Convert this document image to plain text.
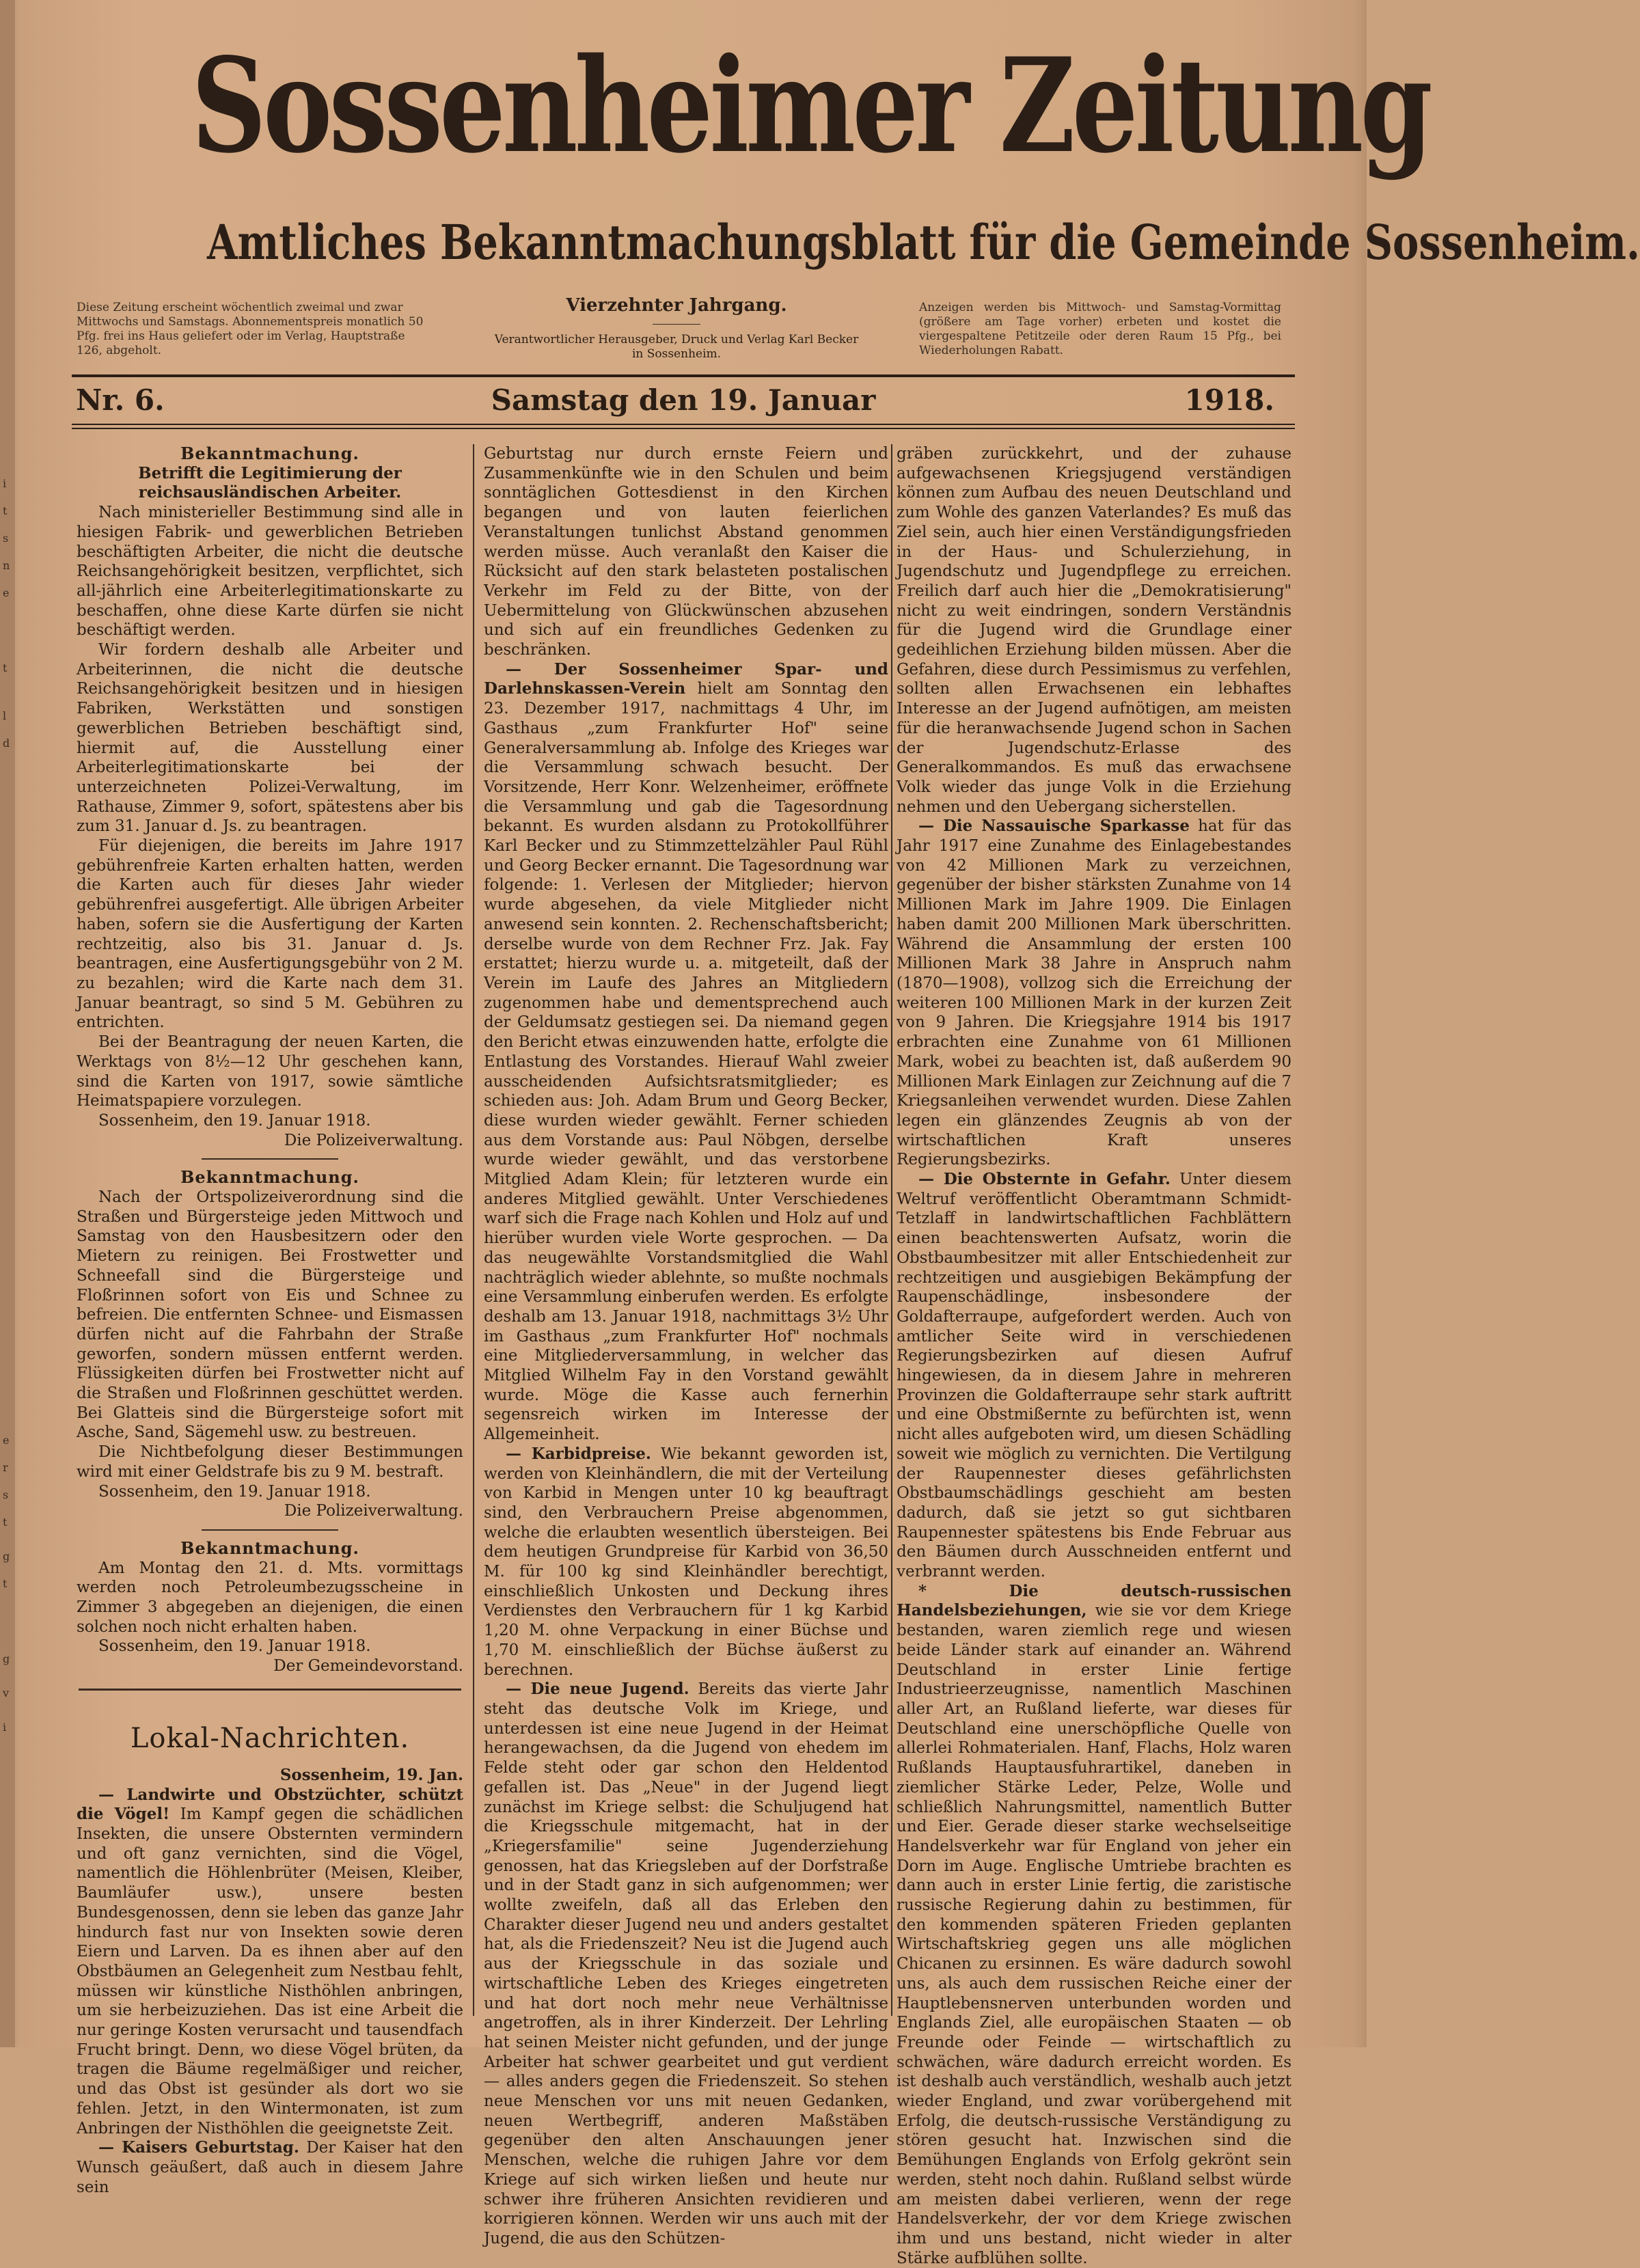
i
t
s
n
e
t
l
d
e
r
s
t
g
t
g
v
i
Sossenheimer Zeitung
Amtliches Bekanntmachungsblatt für die Gemeinde Sossenheim.
Diese Zeitung erscheint wöchentlich zweimal und zwar Mittwochs und Samstags. Abonnementspreis monatlich 50 Pfg. frei ins Haus geliefert oder im Verlag, Hauptstraße 126, abgeholt.
Vierzehnter Jahrgang.
Verantwortlicher Herausgeber, Druck und Verlag Karl Becker in Sossenheim.
Anzeigen werden bis Mittwoch- und Samstag-Vormittag (größere am Tage vorher) erbeten und kostet die viergespaltene Petitzeile oder deren Raum 15 Pfg., bei Wiederholungen Rabatt.
Nr. 6.	Samstag den 19. Januar	1918.

Bekanntmachung.

Betrifft die Legitimierung der reichsausländischen Arbeiter.

Nach ministerieller Bestimmung sind alle in hiesigen Fabrik- und gewerblichen Betrieben beschäftigten Arbeiter, die nicht die deutsche Reichsangehörigkeit besitzen, verpflichtet, sich all-jährlich eine Arbeiterlegitimationskarte zu beschaffen, ohne diese Karte dürfen sie nicht beschäftigt werden.

Wir fordern deshalb alle Arbeiter und Arbeiterinnen, die nicht die deutsche Reichsangehörigkeit besitzen und in hiesigen Fabriken, Werkstätten und sonstigen gewerblichen Betrieben beschäftigt sind, hiermit auf, die Ausstellung einer Arbeiterlegitimationskarte bei der unterzeichneten Polizei-Verwaltung, im Rathause, Zimmer 9, sofort, spätestens aber bis zum 31. Januar d. Js. zu beantragen.

Für diejenigen, die bereits im Jahre 1917 gebührenfreie Karten erhalten hatten, werden die Karten auch für dieses Jahr wieder gebührenfrei ausgefertigt. Alle übrigen Arbeiter haben, sofern sie die Ausfertigung der Karten rechtzeitig, also bis 31. Januar d. Js. beantragen, eine Ausfertigungsgebühr von 2 M. zu bezahlen; wird die Karte nach dem 31. Januar beantragt, so sind 5 M. Gebühren zu entrichten.

Bei der Beantragung der neuen Karten, die Werktags von 8½—12 Uhr geschehen kann, sind die Karten von 1917, sowie sämtliche Heimatspapiere vorzulegen.

Sossenheim, den 19. Januar 1918.

Die Polizeiverwaltung.

Bekanntmachung.

Nach der Ortspolizeiverordnung sind die Straßen und Bürgersteige jeden Mittwoch und Samstag von den Hausbesitzern oder den Mietern zu reinigen. Bei Frostwetter und Schneefall sind die Bürgersteige und Floßrinnen sofort von Eis und Schnee zu befreien. Die entfernten Schnee- und Eismassen dürfen nicht auf die Fahrbahn der Straße geworfen, sondern müssen entfernt werden. Flüssigkeiten dürfen bei Frostwetter nicht auf die Straßen und Floßrinnen geschüttet werden. Bei Glatteis sind die Bürgersteige sofort mit Asche, Sand, Sägemehl usw. zu bestreuen.

Die Nichtbefolgung dieser Bestimmungen wird mit einer Geldstrafe bis zu 9 M. bestraft.

Sossenheim, den 19. Januar 1918.

Die Polizeiverwaltung.

Bekanntmachung.

Am Montag den 21. d. Mts. vormittags werden noch Petroleumbezugsscheine in Zimmer 3 abgegeben an diejenigen, die einen solchen noch nicht erhalten haben.

Sossenheim, den 19. Januar 1918.

Der Gemeindevorstand.

Lokal-Nachrichten.

Sossenheim, 19. Jan.

— Landwirte und Obstzüchter, schützt die Vögel! Im Kampf gegen die schädlichen Insekten, die unsere Obsternten vermindern und oft ganz vernichten, sind die Vögel, namentlich die Höhlenbrüter (Meisen, Kleiber, Baumläufer usw.), unsere besten Bundesgenossen, denn sie leben das ganze Jahr hindurch fast nur von Insekten sowie deren Eiern und Larven. Da es ihnen aber auf den Obstbäumen an Gelegenheit zum Nestbau fehlt, müssen wir künstliche Nisthöhlen anbringen, um sie herbeizuziehen. Das ist eine Arbeit die nur geringe Kosten verursacht und tausendfach Frucht bringt. Denn, wo diese Vögel brüten, da tragen die Bäume regelmäßiger und reicher, und das Obst ist gesünder als dort wo sie fehlen. Jetzt, in den Wintermonaten, ist zum Anbringen der Nisthöhlen die geeignetste Zeit.

— Kaisers Geburtstag. Der Kaiser hat den Wunsch geäußert, daß auch in diesem Jahre sein

Geburtstag nur durch ernste Feiern und Zusammenkünfte wie in den Schulen und beim sonntäglichen Gottesdienst in den Kirchen begangen und von lauten feierlichen Veranstaltungen tunlichst Abstand genommen werden müsse. Auch veranlaßt den Kaiser die Rücksicht auf den stark belasteten postalischen Verkehr im Feld zu der Bitte, von der Uebermittelung von Glückwünschen abzusehen und sich auf ein freundliches Gedenken zu beschränken.

— Der Sossenheimer Spar- und Darlehnskassen-Verein hielt am Sonntag den 23. Dezember 1917, nachmittags 4 Uhr, im Gasthaus „zum Frankfurter Hof" seine Generalversammlung ab. Infolge des Krieges war die Versammlung schwach besucht. Der Vorsitzende, Herr Konr. Welzenheimer, eröffnete die Versammlung und gab die Tagesordnung bekannt. Es wurden alsdann zu Protokollführer Karl Becker und zu Stimmzettelzähler Paul Rühl und Georg Becker ernannt. Die Tagesordnung war folgende: 1. Verlesen der Mitglieder; hiervon wurde abgesehen, da viele Mitglieder nicht anwesend sein konnten. 2. Rechenschaftsbericht; derselbe wurde von dem Rechner Frz. Jak. Fay erstattet; hierzu wurde u. a. mitgeteilt, daß der Verein im Laufe des Jahres an Mitgliedern zugenommen habe und dementsprechend auch der Geldumsatz gestiegen sei. Da niemand gegen den Bericht etwas einzuwenden hatte, erfolgte die Entlastung des Vorstandes. Hierauf Wahl zweier ausscheidenden Aufsichtsratsmitglieder; es schieden aus: Joh. Adam Brum und Georg Becker, diese wurden wieder gewählt. Ferner schieden aus dem Vorstande aus: Paul Nöbgen, derselbe wurde wieder gewählt, und das verstorbene Mitglied Adam Klein; für letzteren wurde ein anderes Mitglied gewählt. Unter Verschiedenes warf sich die Frage nach Kohlen und Holz auf und hierüber wurden viele Worte gesprochen. — Da das neugewählte Vorstandsmitglied die Wahl nachträglich wieder ablehnte, so mußte nochmals eine Versammlung einberufen werden. Es erfolgte deshalb am 13. Januar 1918, nachmittags 3½ Uhr im Gasthaus „zum Frankfurter Hof" nochmals eine Mitgliederversammlung, in welcher das Mitglied Wilhelm Fay in den Vorstand gewählt wurde. Möge die Kasse auch fernerhin segensreich wirken im Interesse der Allgemeinheit.

— Karbidpreise. Wie bekannt geworden ist, werden von Kleinhändlern, die mit der Verteilung von Karbid in Mengen unter 10 kg beauftragt sind, den Verbrauchern Preise abgenommen, welche die erlaubten wesentlich übersteigen. Bei dem heutigen Grundpreise für Karbid von 36,50 M. für 100 kg sind Kleinhändler berechtigt, einschließlich Unkosten und Deckung ihres Verdienstes den Verbrauchern für 1 kg Karbid 1,20 M. ohne Verpackung in einer Büchse und 1,70 M. einschließlich der Büchse äußerst zu berechnen.

— Die neue Jugend. Bereits das vierte Jahr steht das deutsche Volk im Kriege, und unterdessen ist eine neue Jugend in der Heimat herangewachsen, da die Jugend von ehedem im Felde steht oder gar schon den Heldentod gefallen ist. Das „Neue" in der Jugend liegt zunächst im Kriege selbst: die Schuljugend hat die Kriegsschule mitgemacht, hat in der „Kriegersfamilie" seine Jugenderziehung genossen, hat das Kriegsleben auf der Dorfstraße und in der Stadt ganz in sich aufgenommen; wer wollte zweifeln, daß all das Erleben den Charakter dieser Jugend neu und anders gestaltet hat, als die Friedenszeit? Neu ist die Jugend auch aus der Kriegsschule in das soziale und wirtschaftliche Leben des Krieges eingetreten und hat dort noch mehr neue Verhältnisse angetroffen, als in ihrer Kinderzeit. Der Lehrling hat seinen Meister nicht gefunden, und der junge Arbeiter hat schwer gearbeitet und gut verdient — alles anders gegen die Friedenszeit. So stehen neue Menschen vor uns mit neuen Gedanken, neuen Wertbegriff, anderen Maßstäben gegenüber den alten Anschauungen jener Menschen, welche die ruhigen Jahre vor dem Kriege auf sich wirken ließen und heute nur schwer ihre früheren Ansichten revidieren und korrigieren können. Werden wir uns auch mit der Jugend, die aus den Schützen-

gräben zurückkehrt, und der zuhause aufgewachsenen Kriegsjugend verständigen können zum Aufbau des neuen Deutschland und zum Wohle des ganzen Vaterlandes? Es muß das Ziel sein, auch hier einen Verständigungsfrieden in der Haus- und Schulerziehung, in Jugendschutz und Jugendpflege zu erreichen. Freilich darf auch hier die „Demokratisierung" nicht zu weit eindringen, sondern Verständnis für die Jugend wird die Grundlage einer gedeihlichen Erziehung bilden müssen. Aber die Gefahren, diese durch Pessimismus zu verfehlen, sollten allen Erwachsenen ein lebhaftes Interesse an der Jugend aufnötigen, am meisten für die heranwachsende Jugend schon in Sachen der Jugendschutz-Erlasse des Generalkommandos. Es muß das erwachsene Volk wieder das junge Volk in die Erziehung nehmen und den Uebergang sicherstellen.

— Die Nassauische Sparkasse hat für das Jahr 1917 eine Zunahme des Einlagebestandes von 42 Millionen Mark zu verzeichnen, gegenüber der bisher stärksten Zunahme von 14 Millionen Mark im Jahre 1909. Die Einlagen haben damit 200 Millionen Mark überschritten. Während die Ansammlung der ersten 100 Millionen Mark 38 Jahre in Anspruch nahm (1870—1908), vollzog sich die Erreichung der weiteren 100 Millionen Mark in der kurzen Zeit von 9 Jahren. Die Kriegsjahre 1914 bis 1917 erbrachten eine Zunahme von 61 Millionen Mark, wobei zu beachten ist, daß außerdem 90 Millionen Mark Einlagen zur Zeichnung auf die 7 Kriegsanleihen verwendet wurden. Diese Zahlen legen ein glänzendes Zeugnis ab von der wirtschaftlichen Kraft unseres Regierungsbezirks.

— Die Obsternte in Gefahr. Unter diesem Weltruf veröffentlicht Oberamtmann Schmidt-Tetzlaff in landwirtschaftlichen Fachblättern einen beachtenswerten Aufsatz, worin die Obstbaumbesitzer mit aller Entschiedenheit zur rechtzeitigen und ausgiebigen Bekämpfung der Raupenschädlinge, insbesondere der Goldafterraupe, aufgefordert werden. Auch von amtlicher Seite wird in verschiedenen Regierungsbezirken auf diesen Aufruf hingewiesen, da in diesem Jahre in mehreren Provinzen die Goldafterraupe sehr stark auftritt und eine Obstmißernte zu befürchten ist, wenn nicht alles aufgeboten wird, um diesen Schädling soweit wie möglich zu vernichten. Die Vertilgung der Raupennester dieses gefährlichsten Obstbaumschädlings geschieht am besten dadurch, daß sie jetzt so gut sichtbaren Raupennester spätestens bis Ende Februar aus den Bäumen durch Ausschneiden entfernt und verbrannt werden.

* Die deutsch-russischen Handelsbeziehungen, wie sie vor dem Kriege bestanden, waren ziemlich rege und wiesen beide Länder stark auf einander an. Während Deutschland in erster Linie fertige Industrieerzeugnisse, namentlich Maschinen aller Art, an Rußland lieferte, war dieses für Deutschland eine unerschöpfliche Quelle von allerlei Rohmaterialen. Hanf, Flachs, Holz waren Rußlands Hauptausfuhrartikel, daneben in ziemlicher Stärke Leder, Pelze, Wolle und schließlich Nahrungsmittel, namentlich Butter und Eier. Gerade dieser starke wechselseitige Handelsverkehr war für England von jeher ein Dorn im Auge. Englische Umtriebe brachten es dann auch in erster Linie fertig, die zaristische russische Regierung dahin zu bestimmen, für den kommenden späteren Frieden geplanten Wirtschaftskrieg gegen uns alle möglichen Chicanen zu ersinnen. Es wäre dadurch sowohl uns, als auch dem russischen Reiche einer der Hauptlebensnerven unterbunden worden und Englands Ziel, alle europäischen Staaten — ob Freunde oder Feinde — wirtschaftlich zu schwächen, wäre dadurch erreicht worden. Es ist deshalb auch verständlich, weshalb auch jetzt wieder England, und zwar vorübergehend mit Erfolg, die deutsch-russische Verständigung zu stören gesucht hat. Inzwischen sind die Bemühungen Englands von Erfolg gekrönt sein werden, steht noch dahin. Rußland selbst würde am meisten dabei verlieren, wenn der rege Handelsverkehr, der vor dem Kriege zwischen ihm und uns bestand, nicht wieder in alter Stärke aufblühen sollte.
